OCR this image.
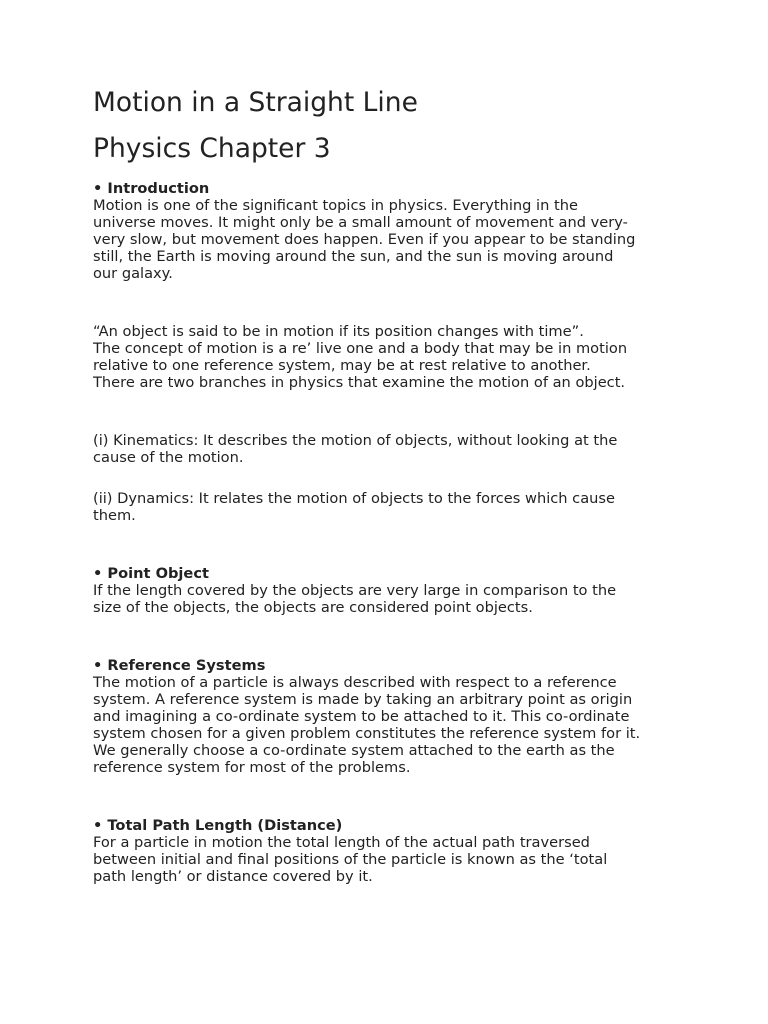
Motion in a Straight Line
Physics Chapter 3

• Introduction

Motion is one of the significant topics in physics. Everything in the
universe moves. It might only be a small amount of movement and very-
very slow, but movement does happen. Even if you appear to be standing
still, the Earth is moving around the sun, and the sun is moving around
our galaxy.

“An object is said to be in motion if its position changes with time”.
The concept of motion is a re’ live one and a body that may be in motion
relative to one reference system, may be at rest relative to another.
There are two branches in physics that examine the motion of an object.

(i) Kinematics: It describes the motion of objects, without looking at the
cause of the motion.

(ii) Dynamics: It relates the motion of objects to the forces which cause
them.

• Point Object

If the length covered by the objects are very large in comparison to the
size of the objects, the objects are considered point objects.

• Reference Systems

The motion of a particle is always described with respect to a reference
system. A reference system is made by taking an arbitrary point as origin
and imagining a co-ordinate system to be attached to it. This co-ordinate
system chosen for a given problem constitutes the reference system for it.
We generally choose a co-ordinate system attached to the earth as the
reference system for most of the problems.

• Total Path Length (Distance)

For a particle in motion the total length of the actual path traversed
between initial and final positions of the particle is known as the ‘total
path length’ or distance covered by it.
